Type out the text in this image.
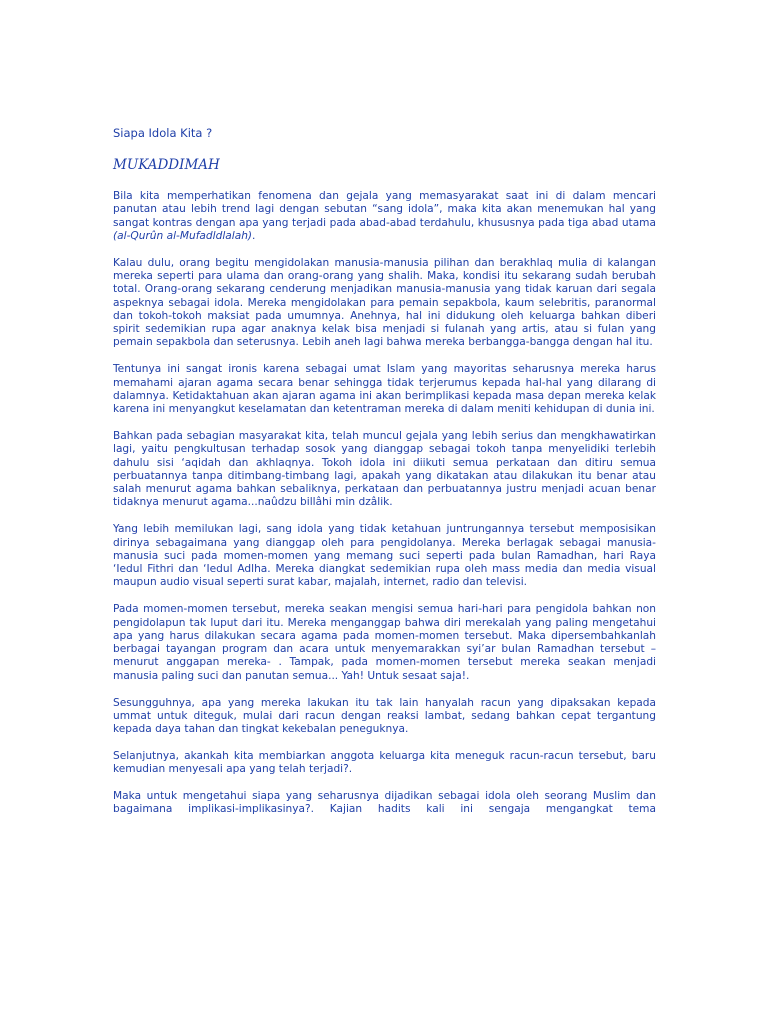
Siapa Idola Kita ?
MUKADDIMAH

Bila kita memperhatikan fenomena dan gejala yang memasyarakat saat ini di dalam mencari panutan atau lebih trend lagi dengan sebutan “sang idola”, maka kita akan menemukan hal yang sangat kontras dengan apa yang terjadi pada abad-abad terdahulu, khususnya pada tiga abad utama (al-Qurûn al-Mufadldlalah).

Kalau dulu, orang begitu mengidolakan manusia-manusia pilihan dan berakhlaq mulia di kalangan mereka seperti para ulama dan orang-orang yang shalih. Maka, kondisi itu sekarang sudah berubah total. Orang-orang sekarang cenderung menjadikan manusia-manusia yang tidak karuan dari segala aspeknya sebagai idola. Mereka mengidolakan para pemain sepakbola, kaum selebritis, paranormal dan tokoh-tokoh maksiat pada umumnya. Anehnya, hal ini didukung oleh keluarga bahkan diberi spirit sedemikian rupa agar anaknya kelak bisa menjadi si fulanah yang artis, atau si fulan yang pemain sepakbola dan seterusnya. Lebih aneh lagi bahwa mereka berbangga-bangga dengan hal itu.

Tentunya ini sangat ironis karena sebagai umat Islam yang mayoritas seharusnya mereka harus memahami ajaran agama secara benar sehingga tidak terjerumus kepada hal-hal yang dilarang di dalamnya. Ketidaktahuan akan ajaran agama ini akan berimplikasi kepada masa depan mereka kelak karena ini menyangkut keselamatan dan ketentraman mereka di dalam meniti kehidupan di dunia ini.

Bahkan pada sebagian masyarakat kita, telah muncul gejala yang lebih serius dan mengkhawatirkan lagi, yaitu pengkultusan terhadap sosok yang dianggap sebagai tokoh tanpa menyelidiki terlebih dahulu sisi ‘aqidah dan akhlaqnya. Tokoh idola ini diikuti semua perkataan dan ditiru semua perbuatannya tanpa ditimbang-timbang lagi, apakah yang dikatakan atau dilakukan itu benar atau salah menurut agama bahkan sebaliknya, perkataan dan perbuatannya justru menjadi acuan benar tidaknya menurut agama...naûdzu billâhi min dzâlik.

Yang lebih memilukan lagi, sang idola yang tidak ketahuan juntrungannya tersebut memposisikan dirinya sebagaimana yang dianggap oleh para pengidolanya. Mereka berlagak sebagai manusia-manusia suci pada momen-momen yang memang suci seperti pada bulan Ramadhan, hari Raya ‘Iedul Fithri dan ‘Iedul Adlha. Mereka diangkat sedemikian rupa oleh mass media dan media visual maupun audio visual seperti surat kabar, majalah, internet, radio dan televisi.

Pada momen-momen tersebut, mereka seakan mengisi semua hari-hari para pengidola bahkan non pengidolapun tak luput dari itu. Mereka menganggap bahwa diri merekalah yang paling mengetahui apa yang harus dilakukan secara agama pada momen-momen tersebut. Maka dipersembahkanlah berbagai tayangan program dan acara untuk menyemarakkan syi’ar bulan Ramadhan tersebut – menurut anggapan mereka- . Tampak, pada momen-momen tersebut mereka seakan menjadi manusia paling suci dan panutan semua... Yah! Untuk sesaat saja!.

Sesungguhnya, apa yang mereka lakukan itu tak lain hanyalah racun yang dipaksakan kepada ummat untuk diteguk, mulai dari racun dengan reaksi lambat, sedang bahkan cepat tergantung kepada daya tahan dan tingkat kekebalan peneguknya.

Selanjutnya, akankah kita membiarkan anggota keluarga kita meneguk racun-racun tersebut, baru kemudian menyesali apa yang telah terjadi?.

Maka untuk mengetahui siapa yang seharusnya dijadikan sebagai idola oleh seorang Muslim dan bagaimana implikasi-implikasinya?. Kajian hadits kali ini sengaja mengangkat tema
